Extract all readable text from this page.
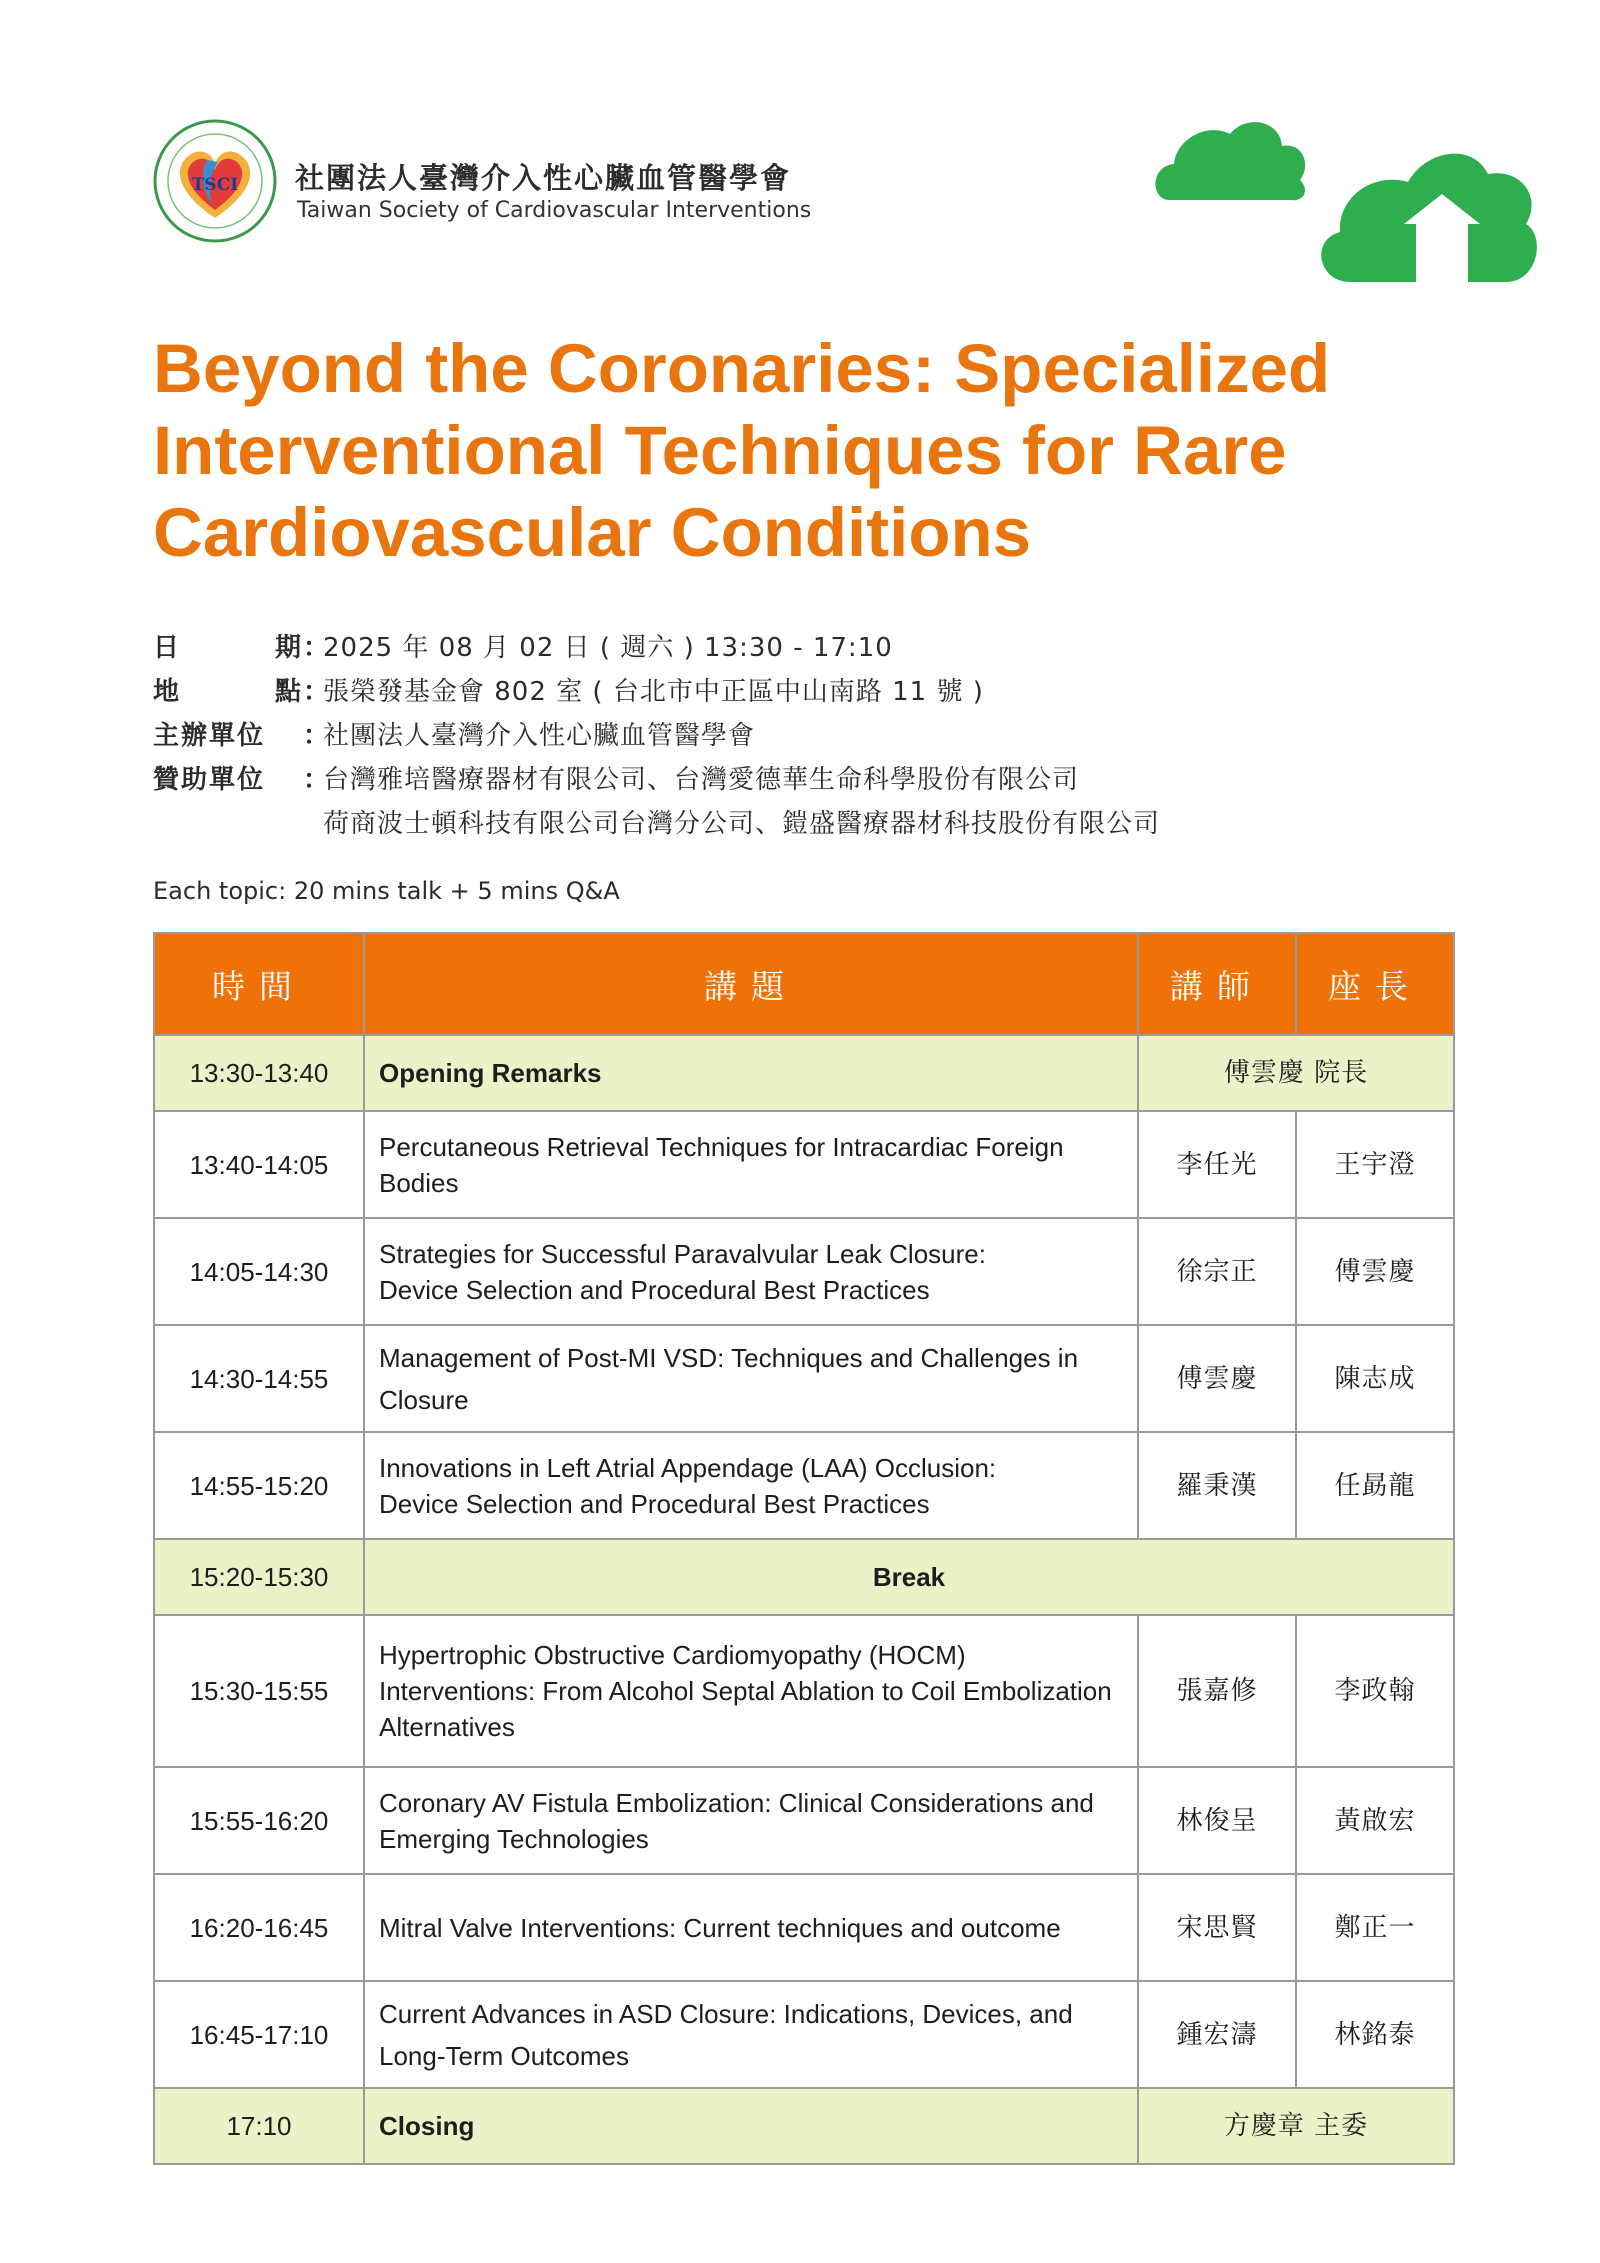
TSCI 社團法人臺灣介入性心臟血管醫學會
Taiwan Society of Cardiovascular Interventions
Beyond the Coronaries: Specialized Interventional Techniques for Rare Cardiovascular Conditions
日	期 ：
2025 年 08 月 02 日 ( 週六 ) 13:30 - 17:10
地	點 ：
張榮發基金會 802 室 ( 台北市中正區中山南路 11 號 )
主辦單位	：
社團法人臺灣介入性心臟血管醫學會
贊助單位	：
台灣雅培醫療器材有限公司、台灣愛德華生命科學股份有限公司
荷商波士頓科技有限公司台灣分公司、鎧盛醫療器材科技股份有限公司
Each topic: 20 mins talk + 5 mins Q&A
時間	講題	講師	座長
13:30-13:40	Opening Remarks	傅雲慶 院長	
13:40-14:05	Percutaneous Retrieval Techniques for Intracardiac Foreign Bodies	李任光	王宇澄
14:05-14:30	Strategies for Successful Paravalvular Leak Closure:
Device Selection and Procedural Best Practices	徐宗正	傅雲慶
14:30-14:55	Management of Post-MI VSD: Techniques and Challenges in Closure	傅雲慶	陳志成
14:55-15:20	Innovations in Left Atrial Appendage (LAA) Occlusion:
Device Selection and Procedural Best Practices	羅秉漢	任勗龍
15:20-15:30	Break		
15:30-15:55	Hypertrophic Obstructive Cardiomyopathy (HOCM) Interventions: From Alcohol Septal Ablation to Coil Embolization Alternatives	張嘉修	李政翰
15:55-16:20	Coronary AV Fistula Embolization: Clinical Considerations and Emerging Technologies	林俊呈	黃啟宏
16:20-16:45	Mitral Valve Interventions: Current techniques and outcome	宋思賢	鄭正一
16:45-17:10	Current Advances in ASD Closure: Indications, Devices, and Long-Term Outcomes	鍾宏濤	林銘泰
17:10	Closing	方慶章 主委	
